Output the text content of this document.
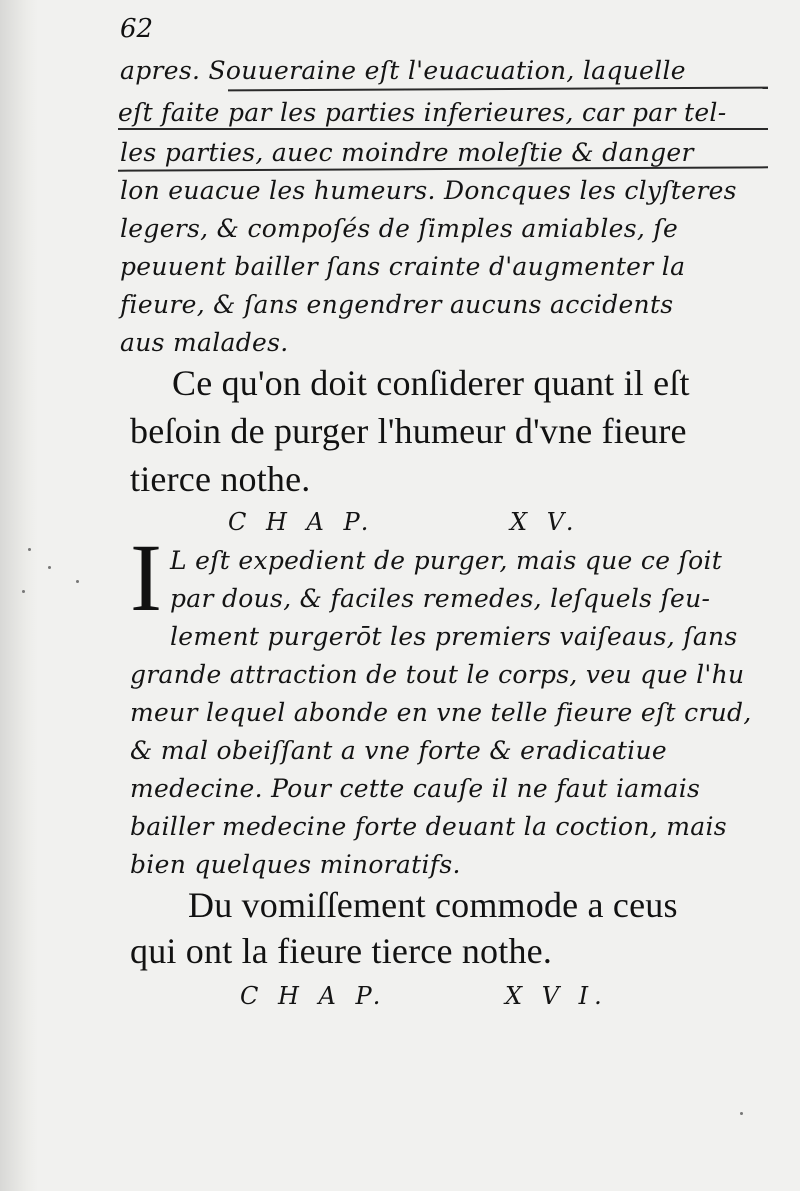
62
apres. Souueraine eſt l'euacuation, laquelle
eſt faite par les parties inferieures, car par tel-
les parties, auec moindre moleſtie & danger
lon euacue les humeurs. Doncques les clyſteres
legers, & compoſés de ſimples amiables, ſe
peuuent bailler ſans crainte d'augmenter la
fieure, & ſans engendrer aucuns accidents
aus malades.
Ce qu'on doit conſiderer quant il eſt
beſoin de purger l'humeur d'vne fieure
tierce nothe.
C H A P.	X V.
I L eſt expedient de purger, mais que ce ſoit
par dous, & faciles remedes, leſquels ſeu-
lement purgerōt les premiers vaiſeaus, ſans
grande attraction de tout le corps, veu que l'hu
meur lequel abonde en vne telle fieure eſt crud,
& mal obeiſſant a vne forte & eradicatiue
medecine. Pour cette cauſe il ne faut iamais
bailler medecine forte deuant la coction, mais
bien quelques minoratifs.
Du vomiſſement commode a ceus
qui ont la fieure tierce nothe.
C H A P.	X V I.
